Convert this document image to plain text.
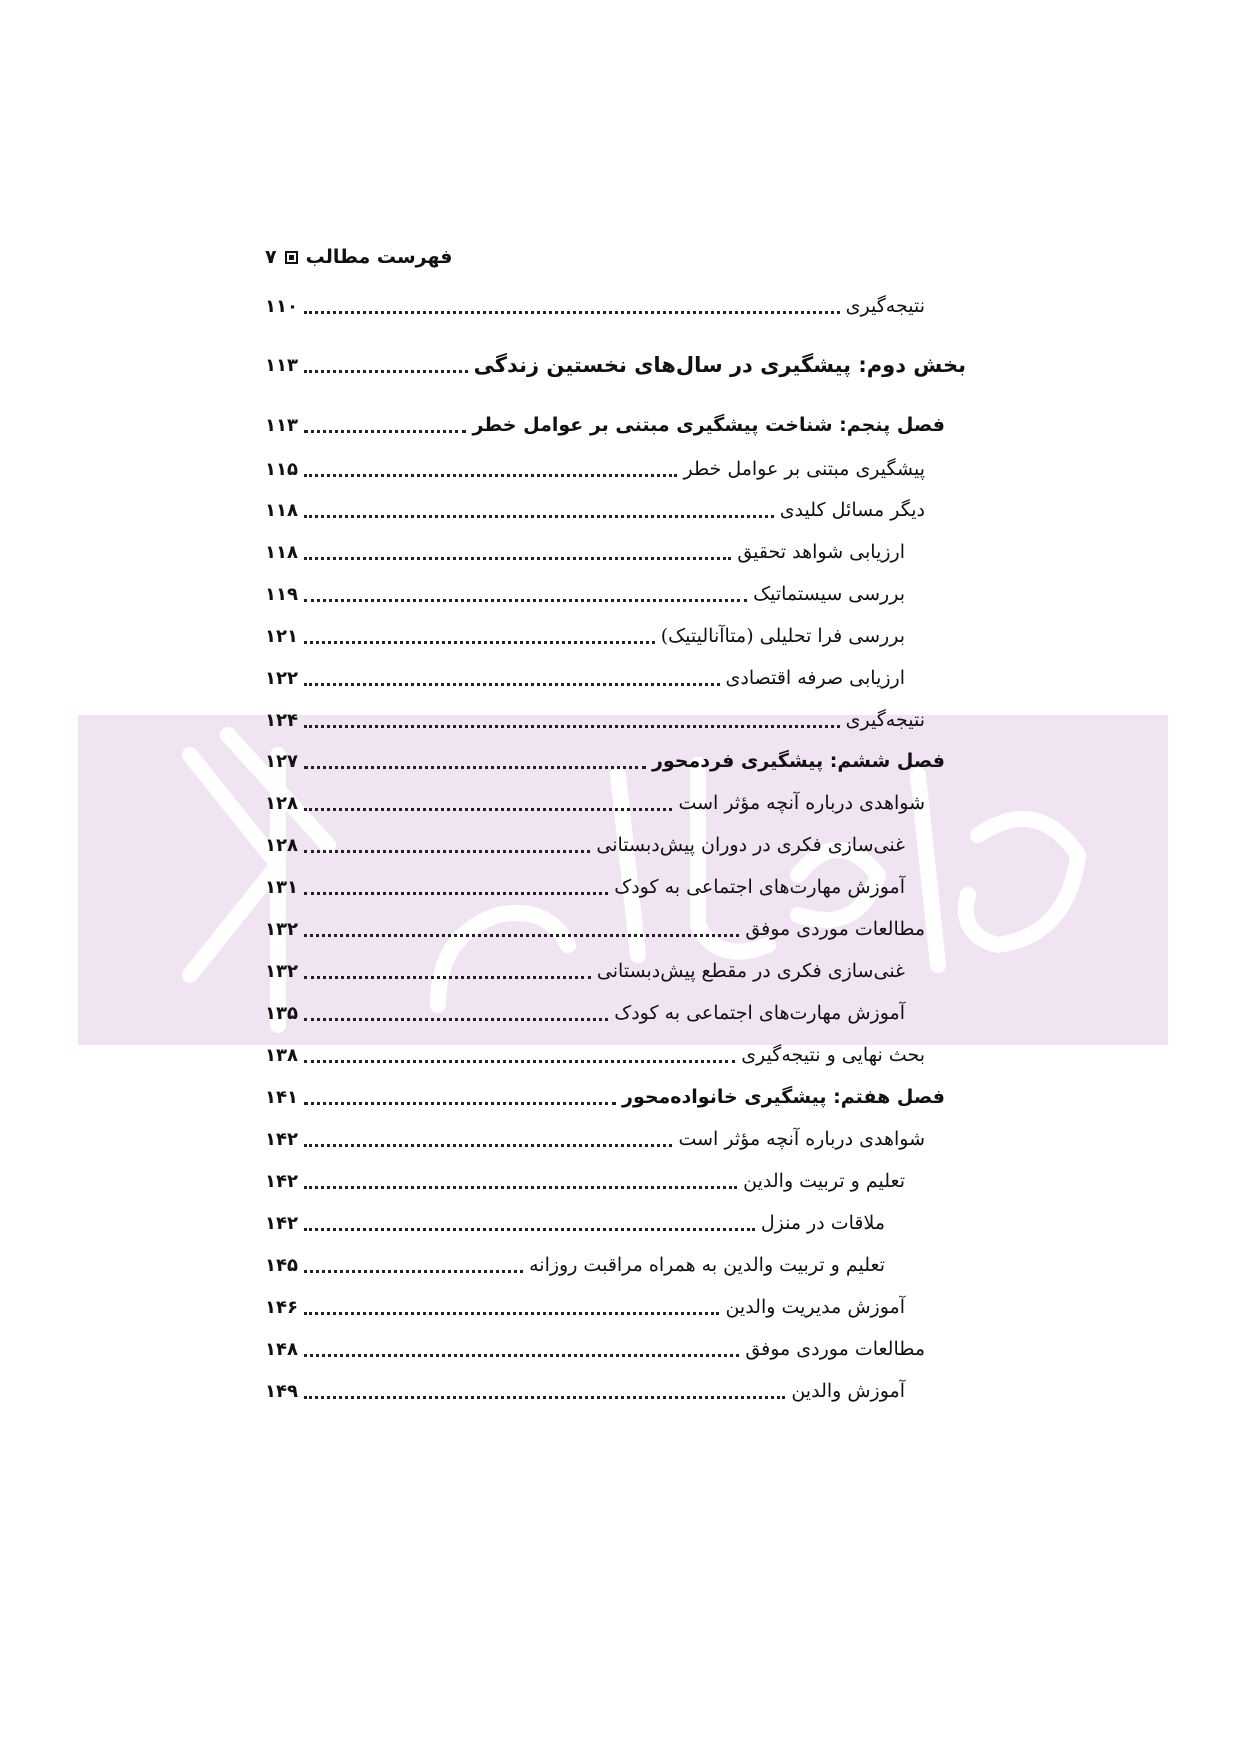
۷ فهرست مطالب
۱۱۰	نتیجه‌گیری
۱۱۳	بخش دوم: پیشگیری در سال‌های نخستین زندگی
۱۱۳	فصل پنجم: شناخت پیشگیری مبتنی بر عوامل خطر
۱۱۵	پیشگیری مبتنی بر عوامل خطر
۱۱۸	دیگر مسائل کلیدی
۱۱۸	ارزیابی شواهد تحقیق
۱۱۹	بررسی سیستماتیک
۱۲۱	بررسی فرا تحلیلی (متاآنالیتیک)
۱۲۲	ارزیابی صرفه اقتصادی
۱۲۴	نتیجه‌گیری
۱۲۷	فصل ششم: پیشگیری فردمحور
۱۲۸	شواهدی درباره آنچه مؤثر است
۱۲۸	غنی‌سازی فکری در دوران پیش‌دبستانی
۱۳۱	آموزش مهارت‌های اجتماعی به کودک
۱۳۲	مطالعات موردی موفق
۱۳۲	غنی‌سازی فکری در مقطع پیش‌دبستانی
۱۳۵	آموزش مهارت‌های اجتماعی به کودک
۱۳۸	بحث نهایی و نتیجه‌گیری
۱۴۱	فصل هفتم: پیشگیری خانواده‌محور
۱۴۲	شواهدی درباره آنچه مؤثر است
۱۴۲	تعلیم و تربیت والدین
۱۴۲	ملاقات در منزل
۱۴۵	تعلیم و تربیت والدین به همراه مراقبت روزانه
۱۴۶	آموزش مدیریت والدین
۱۴۸	مطالعات موردی موفق
۱۴۹	آموزش والدین
